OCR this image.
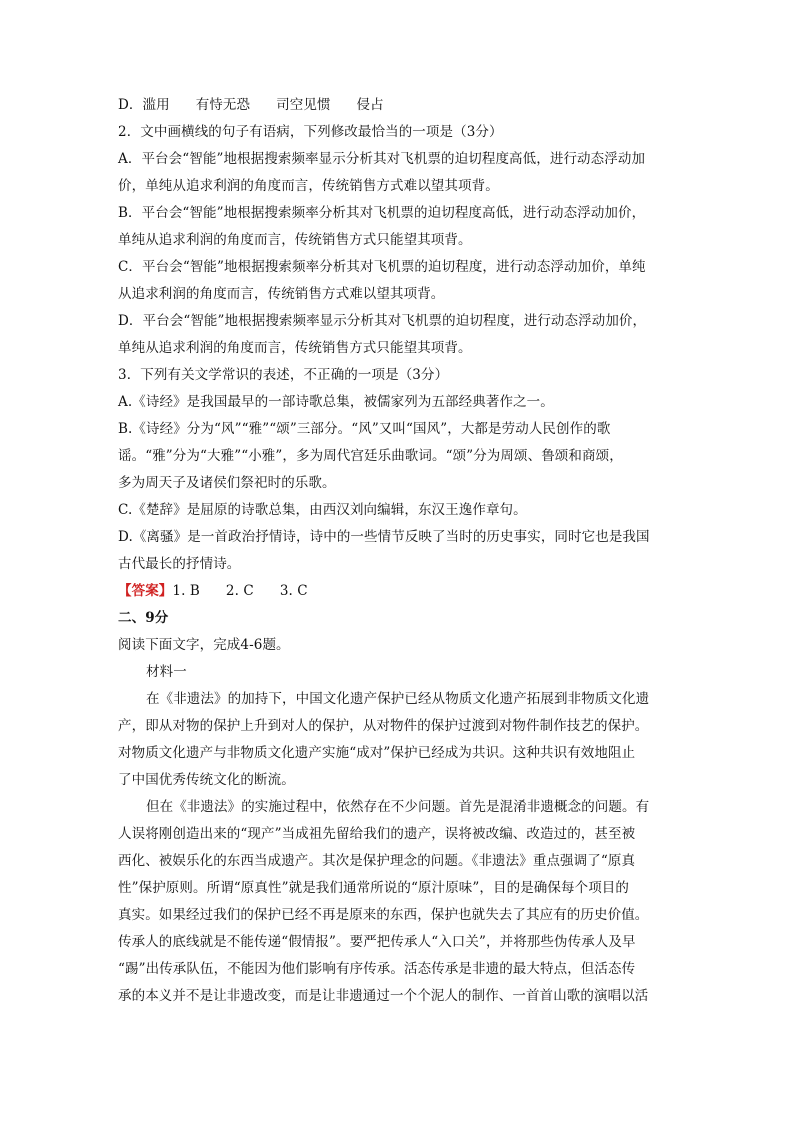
D．滥用 有恃无恐 司空见惯 侵占
2．文中画横线的句子有语病，下列修改最恰当的一项是（3分）
A．平台会“智能”地根据搜索频率显示分析其对飞机票的迫切程度高低，进行动态浮动加
价，单纯从追求利润的角度而言，传统销售方式难以望其项背。
B．平台会“智能”地根据搜索频率分析其对飞机票的迫切程度高低，进行动态浮动加价，
单纯从追求利润的角度而言，传统销售方式只能望其项背。
C．平台会“智能”地根据搜索频率分析其对飞机票的迫切程度，进行动态浮动加价，单纯
从追求利润的角度而言，传统销售方式难以望其项背。
D．平台会“智能”地根据搜索频率显示分析其对飞机票的迫切程度，进行动态浮动加价，
单纯从追求利润的角度而言，传统销售方式只能望其项背。
3．下列有关文学常识的表述，不正确的一项是（3分）
A.《诗经》是我国最早的一部诗歌总集，被儒家列为五部经典著作之一。
B.《诗经》分为“风”“雅”“颂”三部分。“风”又叫“国风”，大都是劳动人民创作的歌
谣。“雅”分为“大雅”“小雅”，多为周代宫廷乐曲歌词。“颂”分为周颂、鲁颂和商颂，
多为周天子及诸侯们祭祀时的乐歌。
C.《楚辞》是屈原的诗歌总集，由西汉刘向编辑，东汉王逸作章句。
D.《离骚》是一首政治抒情诗，诗中的一些情节反映了当时的历史事实，同时它也是我国
古代最长的抒情诗。
【答案】1. B 2. C 3. C
二、9分
阅读下面文字，完成4-6题。
材料一
在《非遗法》的加持下，中国文化遗产保护已经从物质文化遗产拓展到非物质文化遗
产，即从对物的保护上升到对人的保护，从对物件的保护过渡到对物件制作技艺的保护。
对物质文化遗产与非物质文化遗产实施“成对”保护已经成为共识。这种共识有效地阻止
了中国优秀传统文化的断流。
但在《非遗法》的实施过程中，依然存在不少问题。首先是混淆非遗概念的问题。有
人误将刚创造出来的“现产”当成祖先留给我们的遗产，误将被改编、改造过的，甚至被
西化、被娱乐化的东西当成遗产。其次是保护理念的问题。《非遗法》重点强调了“原真
性”保护原则。所谓“原真性”就是我们通常所说的“原汁原味”，目的是确保每个项目的
真实。如果经过我们的保护已经不再是原来的东西，保护也就失去了其应有的历史价值。
传承人的底线就是不能传递“假情报”。要严把传承人“入口关”，并将那些伪传承人及早
“踢”出传承队伍，不能因为他们影响有序传承。活态传承是非遗的最大特点，但活态传
承的本义并不是让非遗改变，而是让非遗通过一个个泥人的制作、一首首山歌的演唱以活
